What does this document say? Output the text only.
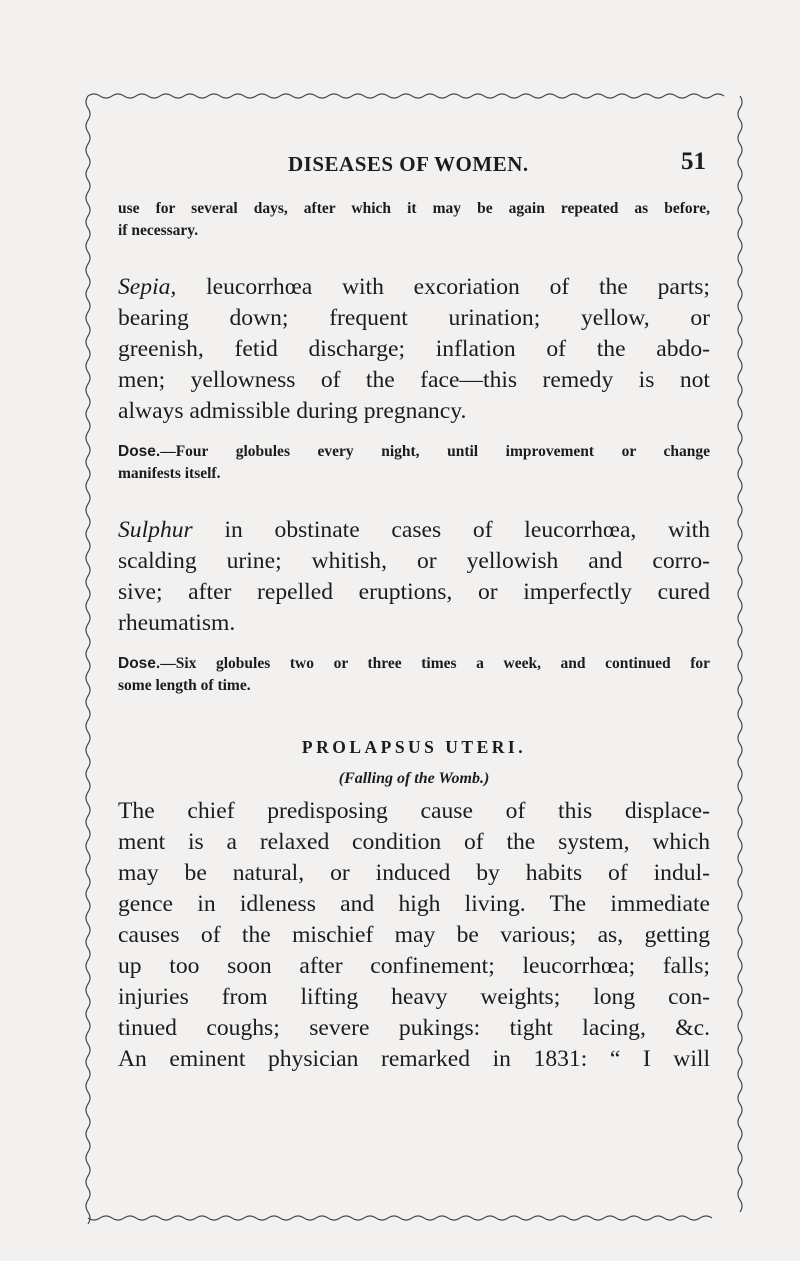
DISEASES OF WOMEN.	51

use for several days, after which it may be again repeated as before,
if necessary.

Sepia, leucorrhœa with excoriation of the parts;
bearing down; frequent urination; yellow, or
greenish, fetid discharge; inflation of the abdo-
men; yellowness of the face—this remedy is not
always admissible during pregnancy.

Dose.—Four globules every night, until improvement or change
manifests itself.

Sulphur in obstinate cases of leucorrhœa, with
scalding urine; whitish, or yellowish and corro-
sive; after repelled eruptions, or imperfectly cured
rheumatism.

Dose.—Six globules two or three times a week, and continued for
some length of time.

PROLAPSUS UTERI.

(Falling of the Womb.)

The chief predisposing cause of this displace-
ment is a relaxed condition of the system, which
may be natural, or induced by habits of indul-
gence in idleness and high living. The immediate
causes of the mischief may be various; as, getting
up too soon after confinement; leucorrhœa; falls;
injuries from lifting heavy weights; long con-
tinued coughs; severe pukings: tight lacing, &c.
An eminent physician remarked in 1831: “ I will
